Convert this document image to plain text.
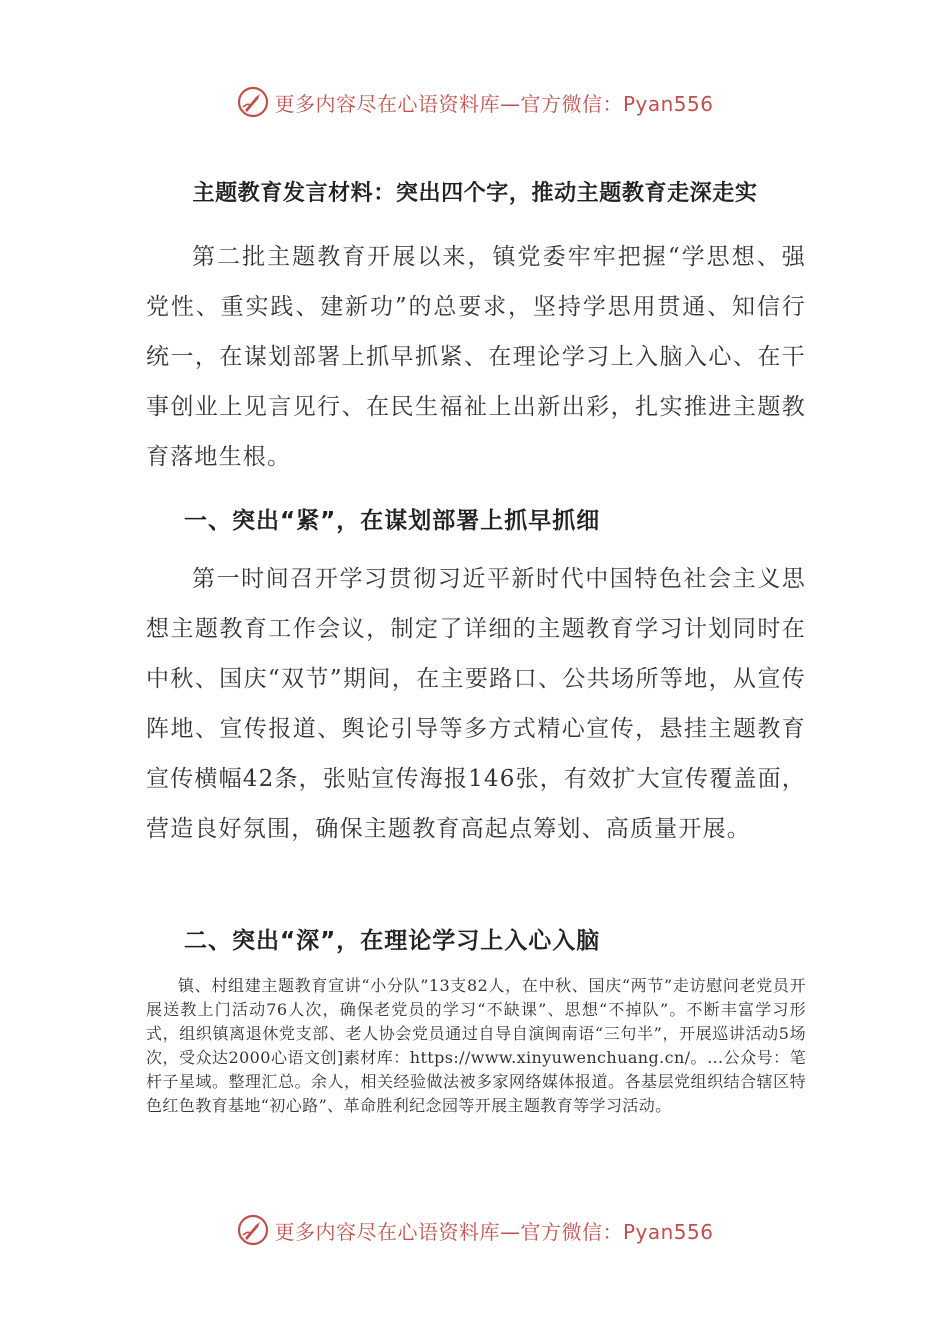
更多内容尽在心语资料库—官方微信：Pyan556
主题教育发言材料：突出四个字，推动主题教育走深走实

第二批主题教育开展以来，镇党委牢牢把握“学思想、强党性、重实践、建新功”的总要求，坚持学思用贯通、知信行统一，在谋划部署上抓早抓紧、在理论学习上入脑入心、在干事创业上见言见行、在民生福祉上出新出彩，扎实推进主题教育落地生根。

一、突出“紧”，在谋划部署上抓早抓细

第一时间召开学习贯彻习近平新时代中国特色社会主义思想主题教育工作会议，制定了详细的主题教育学习计划同时在中秋、国庆“双节”期间，在主要路口、公共场所等地，从宣传阵地、宣传报道、舆论引导等多方式精心宣传，悬挂主题教育宣传横幅42条，张贴宣传海报146张，有效扩大宣传覆盖面，营造良好氛围，确保主题教育高起点筹划、高质量开展。

二、突出“深”，在理论学习上入心入脑

镇、村组建主题教育宣讲“小分队”13支82人，在中秋、国庆“两节”走访慰问老党员开展送教上门活动76人次，确保老党员的学习“不缺课”、思想“不掉队”。不断丰富学习形式，组织镇离退休党支部、老人协会党员通过自导自演闽南语“三句半”，开展巡讲活动5场次，受众达2000心语文创]素材库：https://www.xinyuwenchuang.cn/。…公众号：笔杆子星域。整理汇总。余人，相关经验做法被多家网络媒体报道。各基层党组织结合辖区特色红色教育基地“初心路”、革命胜利纪念园等开展主题教育等学习活动。

更多内容尽在心语资料库—官方微信：Pyan556
